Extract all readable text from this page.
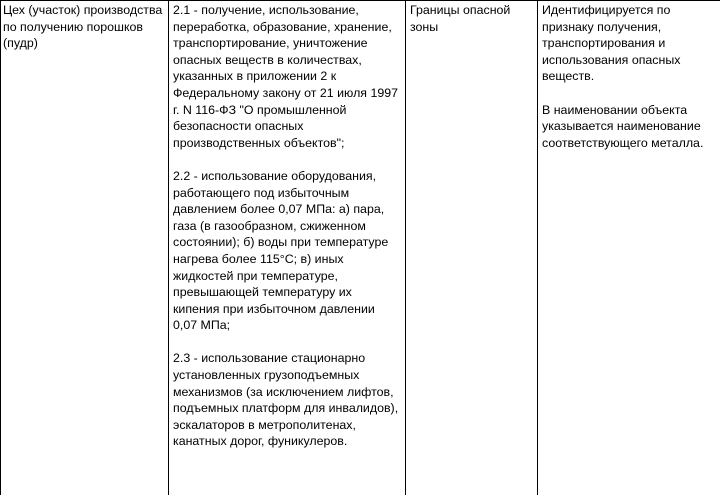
Цех (участок) производства по получению порошков (пудр)

2.1 - получение, использование, переработка, образование, хранение, транспортирование, уничтожение опасных веществ в количествах, указанных в приложении 2 к Федеральному закону от 21 июля 1997 г. N 116-ФЗ "О промышленной безопасности опасных производственных объектов";

2.2 - использование оборудования, работающего под избыточным давлением более 0,07 МПа: а) пара, газа (в газообразном, сжиженном состоянии); б) воды при температуре нагрева более 115°С; в) иных жидкостей при температуре, превышающей температуру их кипения при избыточном давлении 0,07 МПа;

2.3 - использование стационарно установленных грузоподъемных механизмов (за исключением лифтов, подъемных платформ для инвалидов), эскалаторов в метрополитенах, канатных дорог, фуникулеров.

Границы опасной зоны

Идентифицируется по признаку получения, транспортирования и использования опасных веществ.

В наименовании объекта указывается наименование соответствующего металла.
